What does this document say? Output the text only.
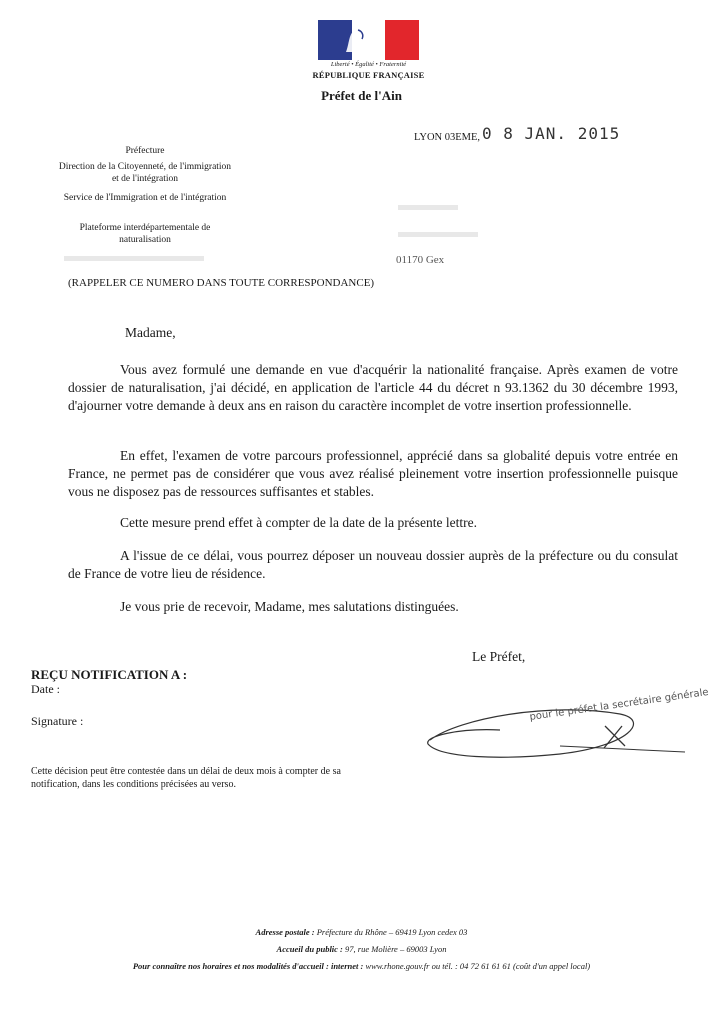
Liberté • Égalité • Fraternité
RÉPUBLIQUE FRANÇAISE
Préfet de l'Ain
Préfecture
Direction de la Citoyenneté, de l'immigration et de l'intégration
Service de l'Immigration et de l'intégration
Plateforme interdépartementale de naturalisation
(RAPPELER CE NUMERO DANS TOUTE CORRESPONDANCE)
LYON 03EME, 0 8 JAN. 2015
01170 Gex
Madame,

Vous avez formulé une demande en vue d'acquérir la nationalité française. Après examen de votre dossier de naturalisation, j'ai décidé, en application de l'article 44 du décret n 93.1362 du 30 décembre 1993, d'ajourner votre demande à deux ans en raison du caractère incomplet de votre insertion professionnelle.

En effet, l'examen de votre parcours professionnel, apprécié dans sa globalité depuis votre entrée en France, ne permet pas de considérer que vous avez réalisé pleinement votre insertion professionnelle puisque vous ne disposez pas de ressources suffisantes et stables.

Cette mesure prend effet à compter de la date de la présente lettre.

A l'issue de ce délai, vous pourrez déposer un nouveau dossier auprès de la préfecture ou du consulat de France de votre lieu de résidence.

Je vous prie de recevoir, Madame, mes salutations distinguées.

Le Préfet,
pour le préfet la secrétaire générale
REÇU NOTIFICATION A :
Date :
Signature :
Cette décision peut être contestée dans un délai de deux mois à compter de sa notification, dans les conditions précisées au verso.
Adresse postale : Préfecture du Rhône – 69419 Lyon cedex 03
Accueil du public : 97, rue Molière – 69003 Lyon
Pour connaître nos horaires et nos modalités d'accueil : internet : www.rhone.gouv.fr ou tél. : 04 72 61 61 61 (coût d'un appel local)
